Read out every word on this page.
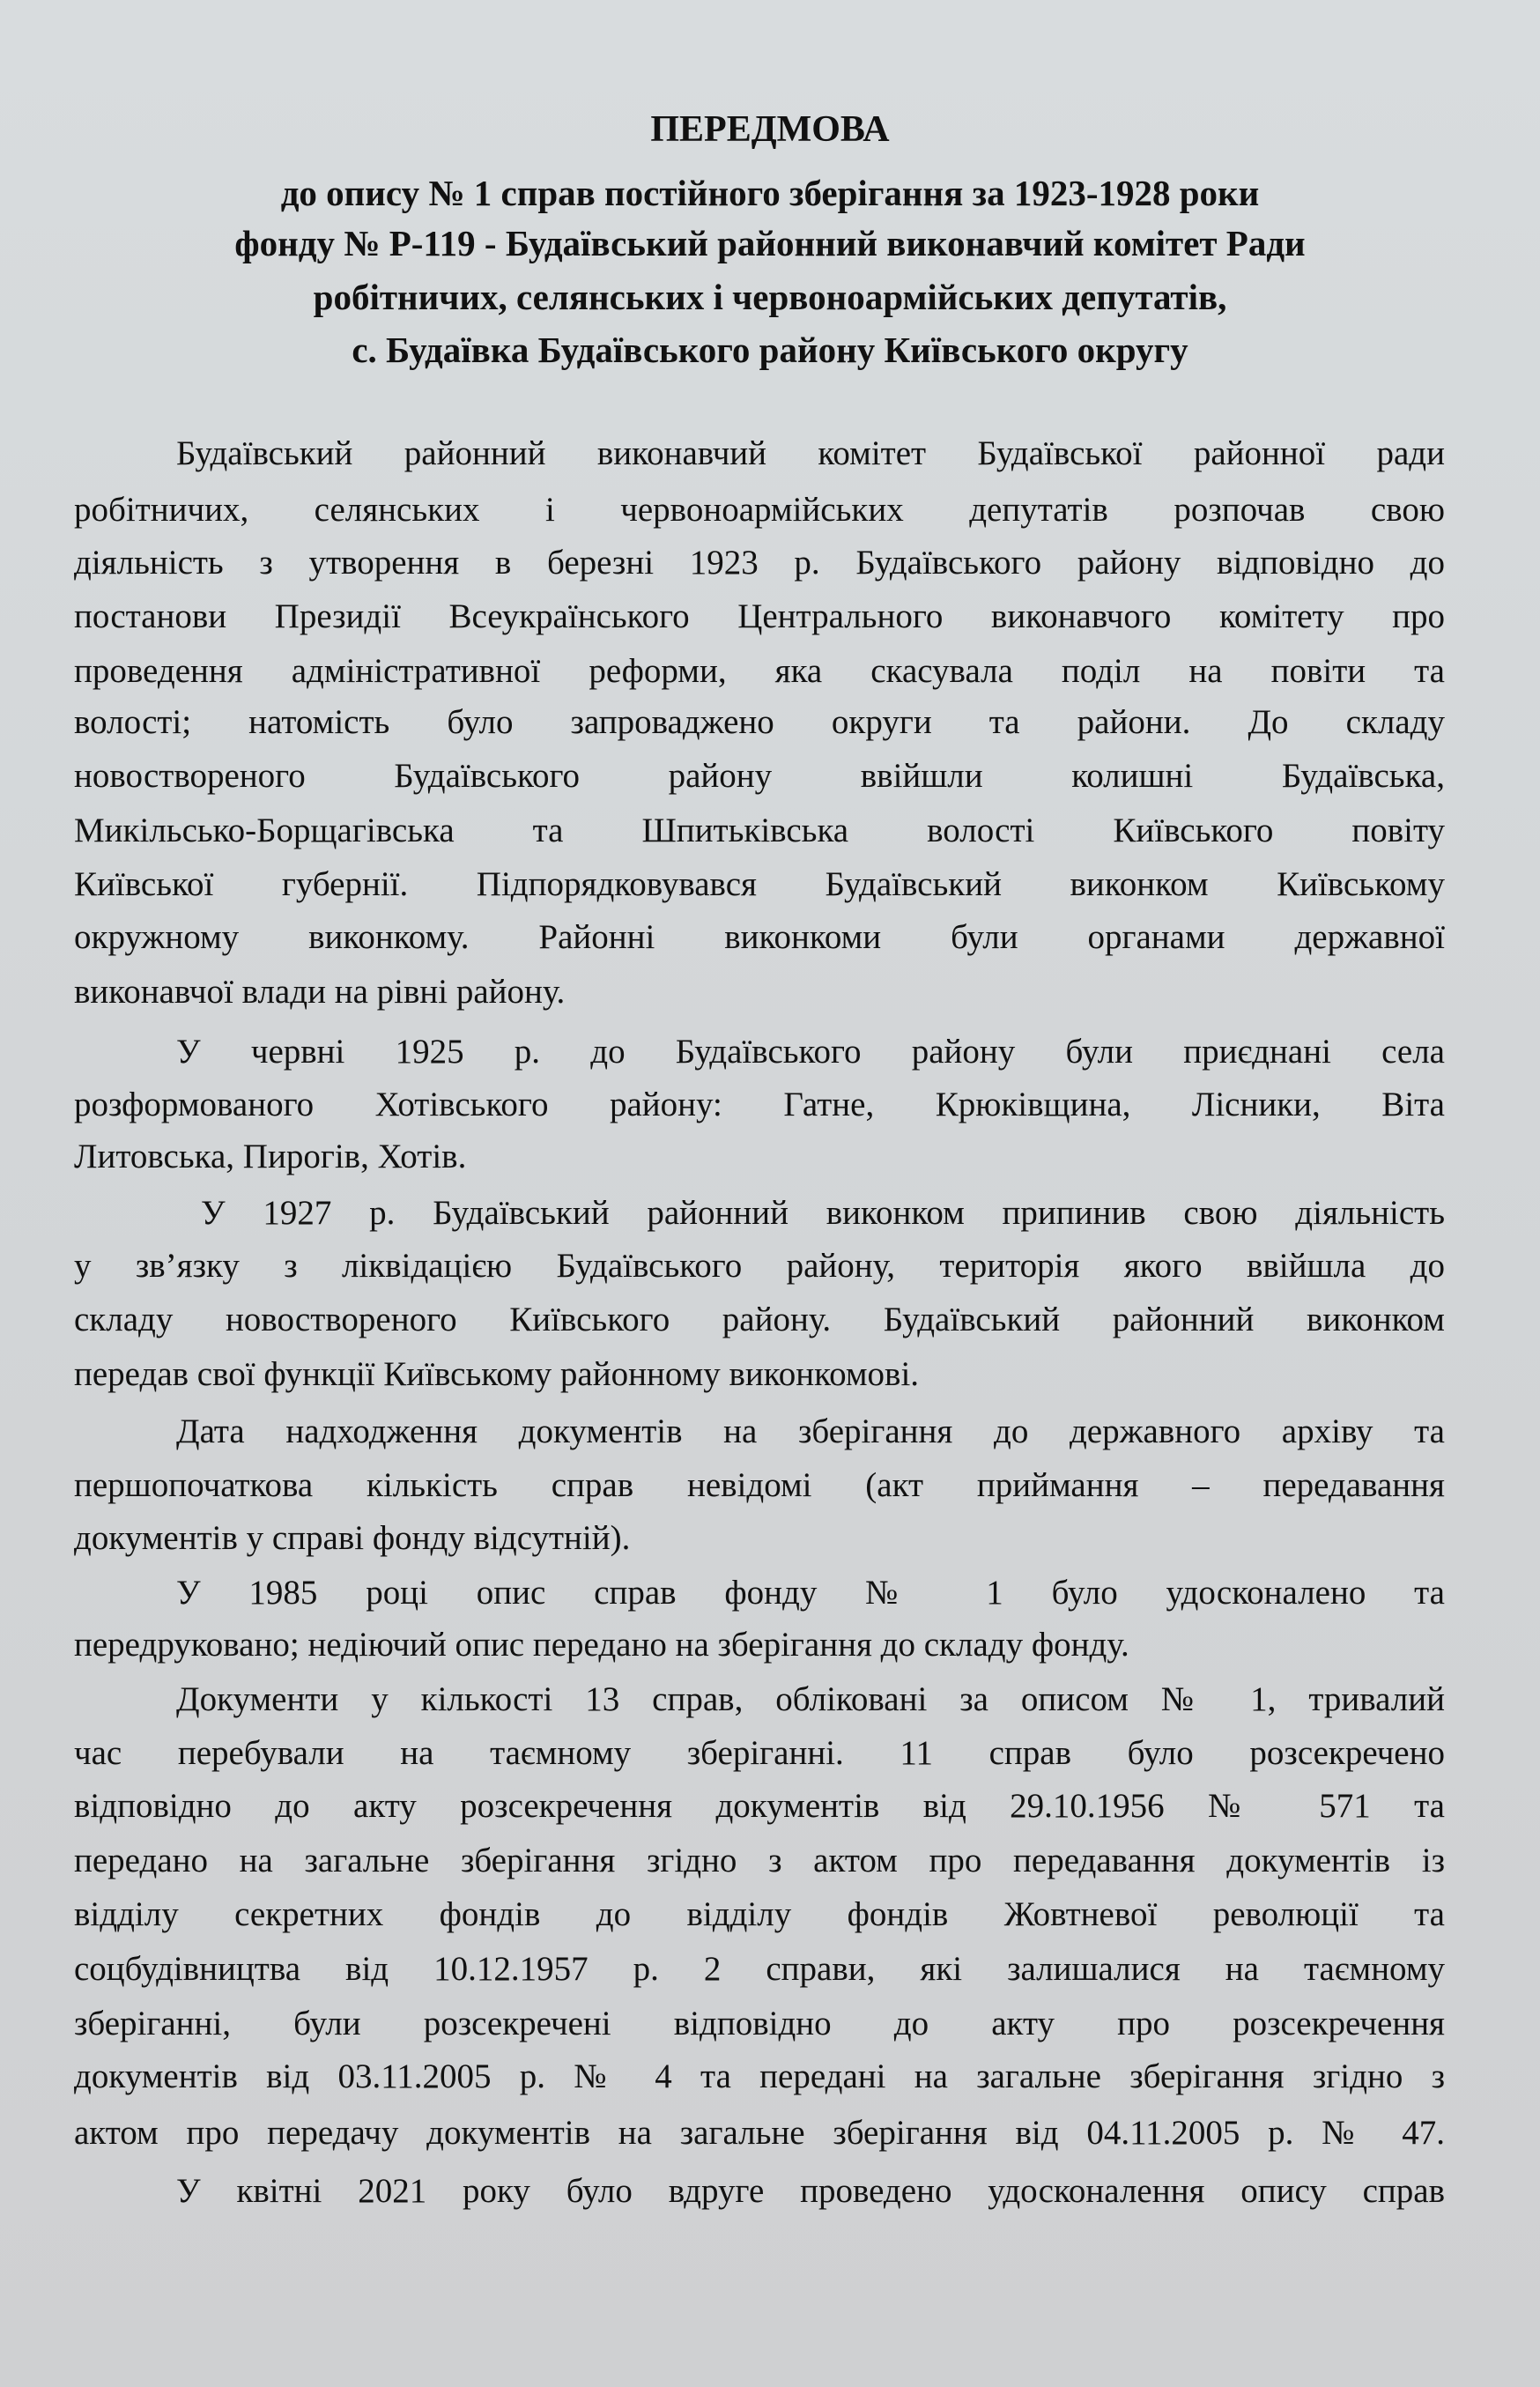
ПЕРЕДМОВА
до опису № 1 справ постійного зберігання за 1923-1928 роки
фонду № Р-119 - Будаївський районний виконавчий комітет Ради
робітничих, селянських і червоноармійських депутатів,
с. Будаївка Будаївського району Київського округу
Будаївський районний виконавчий комітет Будаївської районної ради
робітничих, селянських і червоноармійських депутатів розпочав свою
діяльність з утворення в березні 1923 р. Будаївського району відповідно до
постанови Президії Всеукраїнського Центрального виконавчого комітету про
проведення адміністративної реформи, яка скасувала поділ на повіти та
волості; натомість було запроваджено округи та райони. До складу
новоствореного Будаївського району ввійшли колишні Будаївська,
Микільсько-Борщагівська та Шпитьківська волості Київського повіту
Київської губернії. Підпорядковувався Будаївський виконком Київському
окружному виконкому. Районні виконкоми були органами державної
виконавчої влади на рівні району.
У червні 1925 р. до Будаївського району були приєднані села
розформованого Хотівського району: Гатне, Крюківщина, Лісники, Віта
Литовська, Пирогів, Хотів.
У 1927 р. Будаївський районний виконком припинив свою діяльність
у зв’язку з ліквідацією Будаївського району, територія якого ввійшла до
складу новоствореного Київського району. Будаївський районний виконком
передав свої функції Київському районному виконкомові.
Дата надходження документів на зберігання до державного архіву та
першопочаткова кількість справ невідомі (акт приймання – передавання
документів у справі фонду відсутній).
У 1985 році опис справ фонду № 1 було удосконалено та
передруковано; недіючий опис передано на зберігання до складу фонду.
Документи у кількості 13 справ, обліковані за описом № 1, тривалий
час перебували на таємному зберіганні. 11 справ було розсекречено
відповідно до акту розсекречення документів від 29.10.1956 № 571 та
передано на загальне зберігання згідно з актом про передавання документів із
відділу секретних фондів до відділу фондів Жовтневої революції та
соцбудівництва від 10.12.1957 р. 2 справи, які залишалися на таємному
зберіганні, були розсекречені відповідно до акту про розсекречення
документів від 03.11.2005 р. № 4 та передані на загальне зберігання згідно з
актом про передачу документів на загальне зберігання від 04.11.2005 р. № 47.
У квітні 2021 року було вдруге проведено удосконалення опису справ
